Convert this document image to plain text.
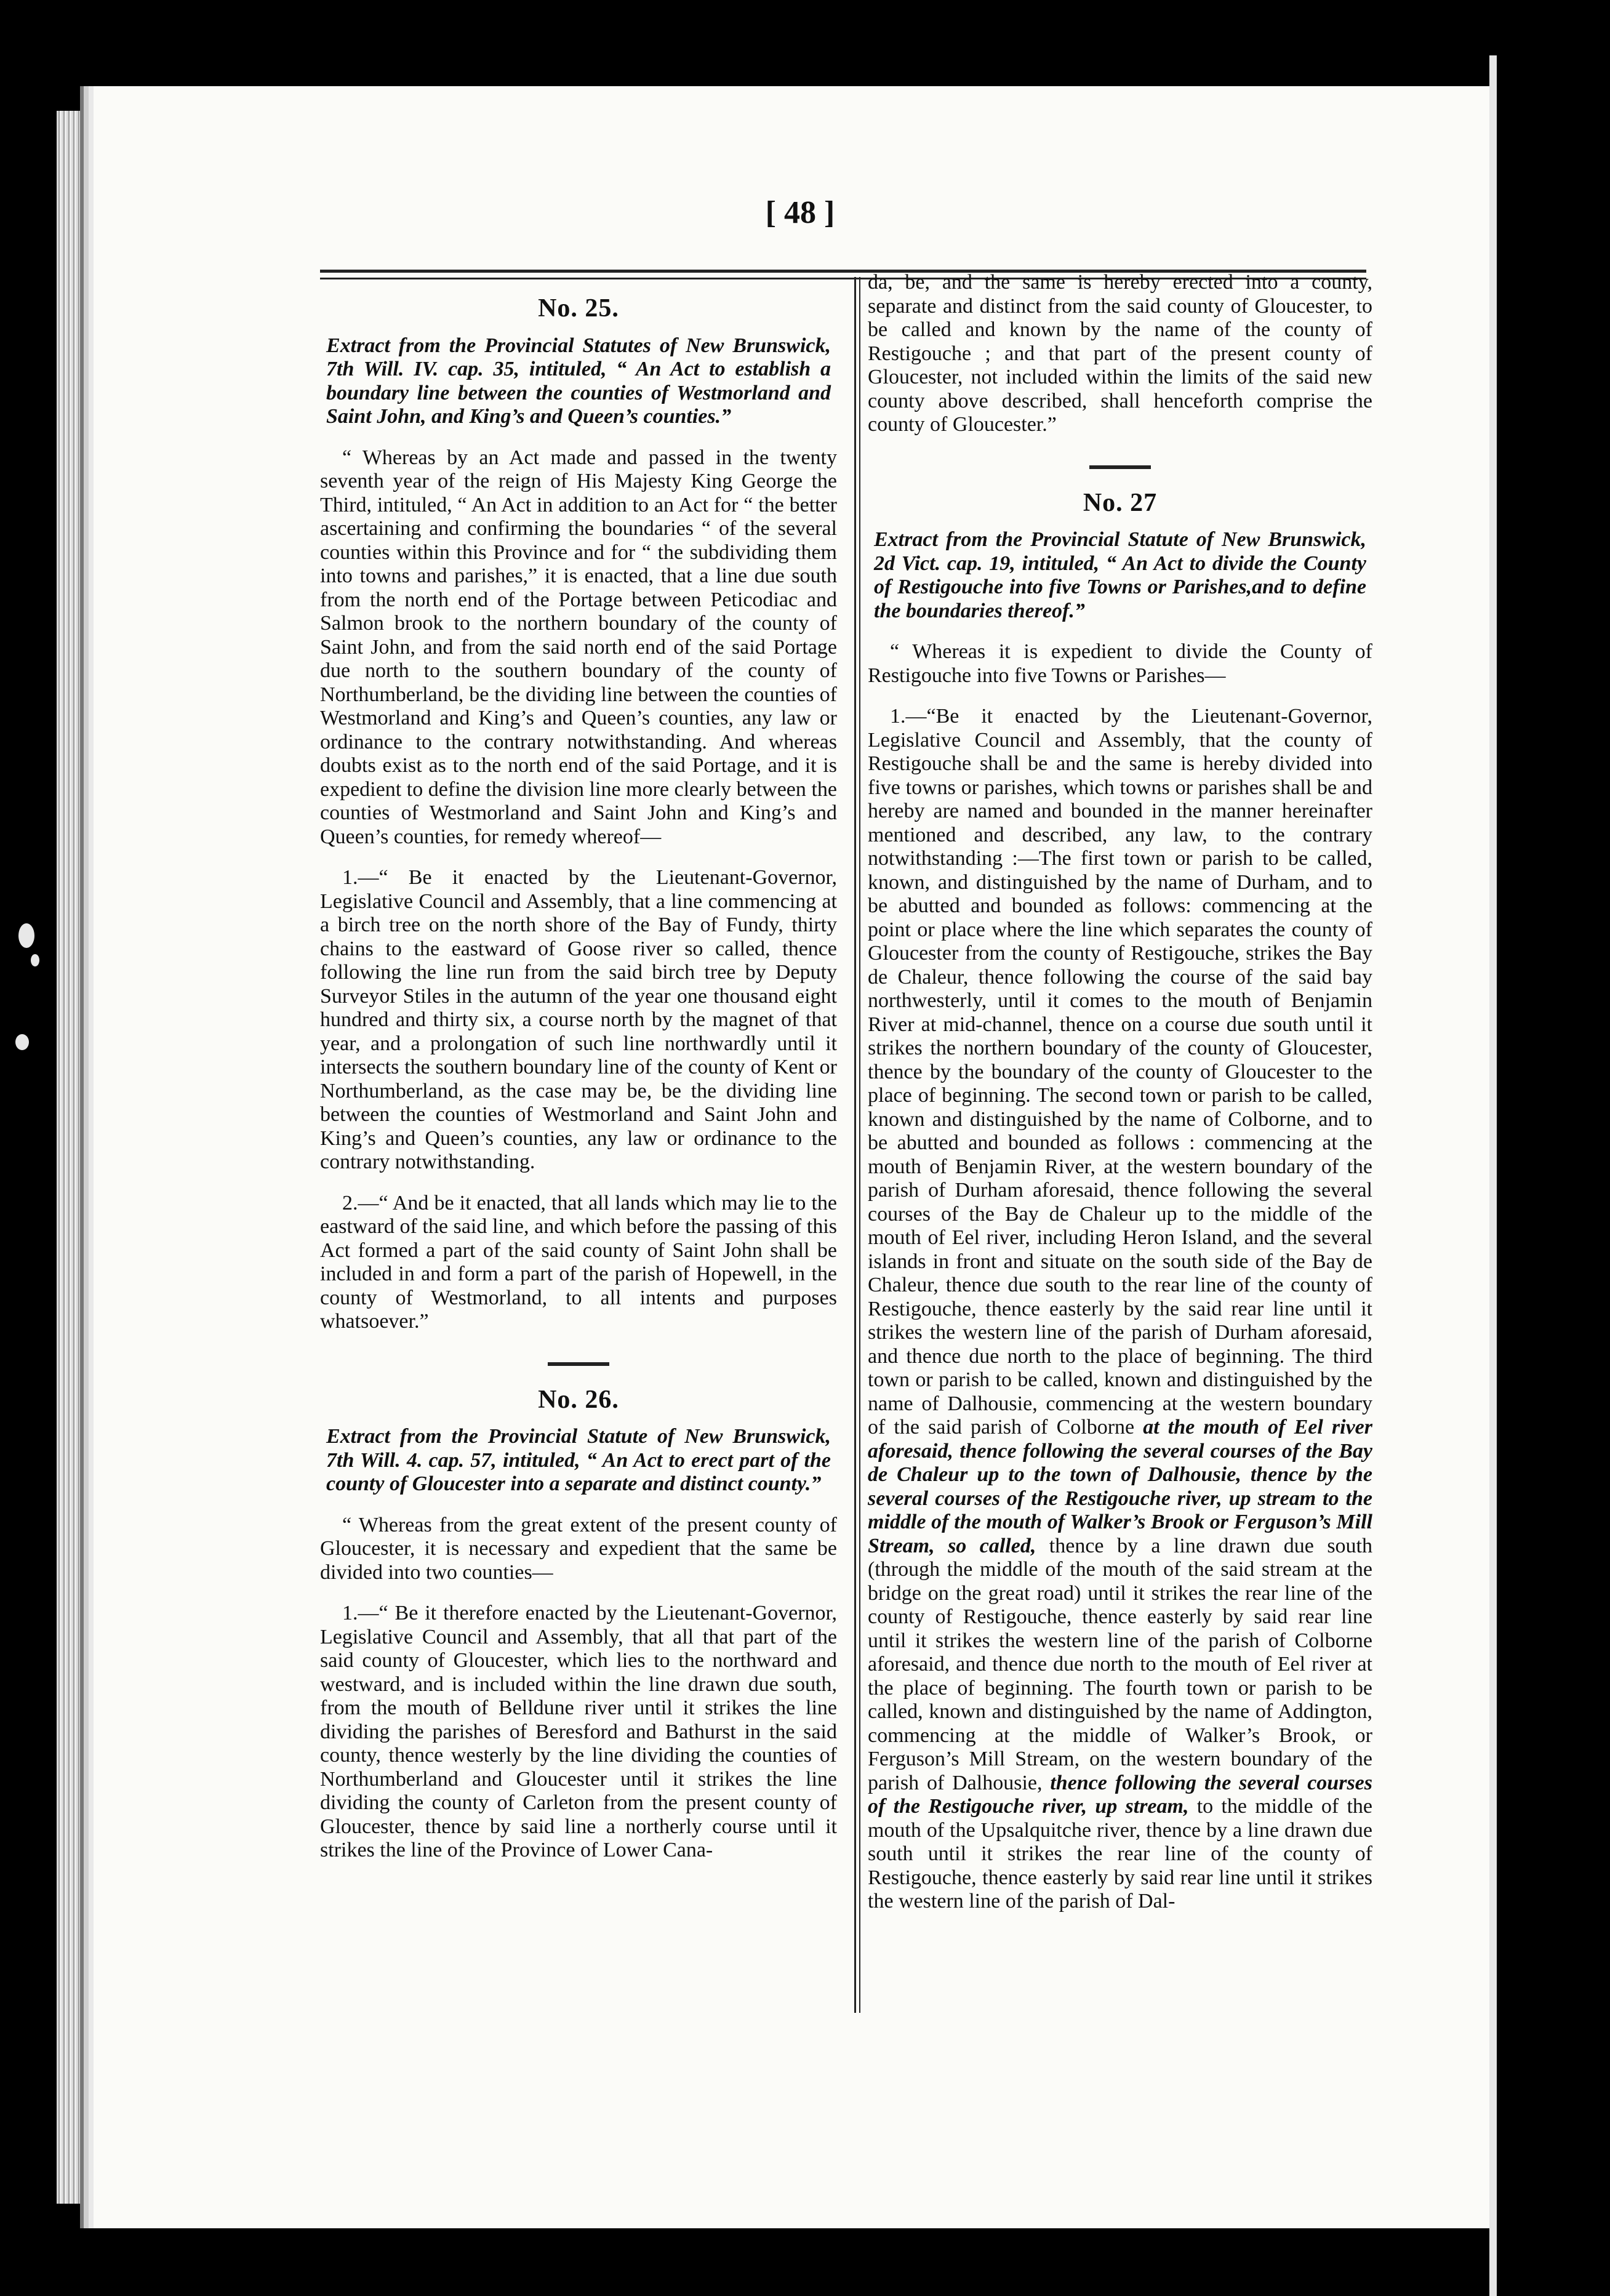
[ 48 ]
No. 25.

Extract from the Provincial Statutes of New Brunswick, 7th Will. IV. cap. 35, intituled, “ An Act to establish a boundary line between the counties of Westmorland and Saint John, and King’s and Queen’s counties.”

“ Whereas by an Act made and passed in the twenty seventh year of the reign of His Majesty King George the Third, intituled, “ An Act in addition to an Act for “ the better ascertaining and confirming the boundaries “ of the several counties within this Province and for “ the subdividing them into towns and parishes,” it is enacted, that a line due south from the north end of the Portage between Peticodiac and Salmon brook to the northern boundary of the county of Saint John, and from the said north end of the said Portage due north to the southern boundary of the county of Northumberland, be the dividing line between the counties of Westmorland and King’s and Queen’s counties, any law or ordinance to the contrary notwithstanding. And whereas doubts exist as to the north end of the said Portage, and it is expedient to define the division line more clearly between the counties of Westmorland and Saint John and King’s and Queen’s counties, for remedy whereof—

1.—“ Be it enacted by the Lieutenant-Governor, Legislative Council and Assembly, that a line commencing at a birch tree on the north shore of the Bay of Fundy, thirty chains to the eastward of Goose river so called, thence following the line run from the said birch tree by Deputy Surveyor Stiles in the autumn of the year one thousand eight hundred and thirty six, a course north by the magnet of that year, and a prolongation of such line northwardly until it intersects the southern boundary line of the county of Kent or Northumberland, as the case may be, be the dividing line between the counties of Westmorland and Saint John and King’s and Queen’s counties, any law or ordinance to the contrary notwithstanding.

2.—“ And be it enacted, that all lands which may lie to the eastward of the said line, and which before the passing of this Act formed a part of the said county of Saint John shall be included in and form a part of the parish of Hopewell, in the county of Westmorland, to all intents and purposes whatsoever.”

No. 26.

Extract from the Provincial Statute of New Brunswick, 7th Will. 4. cap. 57, intituled, “ An Act to erect part of the county of Gloucester into a separate and distinct county.”

“ Whereas from the great extent of the present county of Gloucester, it is necessary and expedient that the same be divided into two counties—

1.—“ Be it therefore enacted by the Lieutenant-Governor, Legislative Council and Assembly, that all that part of the said county of Gloucester, which lies to the northward and westward, and is included within the line drawn due south, from the mouth of Belldune river until it strikes the line dividing the parishes of Beresford and Bathurst in the said county, thence westerly by the line dividing the counties of Northumberland and Gloucester until it strikes the line dividing the county of Carleton from the present county of Gloucester, thence by said line a northerly course until it strikes the line of the Province of Lower Cana-

da, be, and the same is hereby erected into a county, separate and distinct from the said county of Gloucester, to be called and known by the name of the county of Restigouche ; and that part of the present county of Gloucester, not included within the limits of the said new county above described, shall henceforth comprise the county of Gloucester.”

No. 27

Extract from the Provincial Statute of New Brunswick, 2d Vict. cap. 19, intituled, “ An Act to divide the County of Restigouche into five Towns or Parishes,and to define the boundaries thereof.”

“ Whereas it is expedient to divide the County of Restigouche into five Towns or Parishes—

1.—“Be it enacted by the Lieutenant-Governor, Legislative Council and Assembly, that the county of Restigouche shall be and the same is hereby divided into five towns or parishes, which towns or parishes shall be and hereby are named and bounded in the manner hereinafter mentioned and described, any law, to the contrary notwithstanding :—The first town or parish to be called, known, and distinguished by the name of Durham, and to be abutted and bounded as follows: commencing at the point or place where the line which separates the county of Gloucester from the county of Restigouche, strikes the Bay de Chaleur, thence following the course of the said bay northwesterly, until it comes to the mouth of Benjamin River at mid-channel, thence on a course due south until it strikes the northern boundary of the county of Gloucester, thence by the boundary of the county of Gloucester to the place of beginning. The second town or parish to be called, known and distinguished by the name of Colborne, and to be abutted and bounded as follows : commencing at the mouth of Benjamin River, at the western boundary of the parish of Durham aforesaid, thence following the several courses of the Bay de Chaleur up to the middle of the mouth of Eel river, including Heron Island, and the several islands in front and situate on the south side of the Bay de Chaleur, thence due south to the rear line of the county of Restigouche, thence easterly by the said rear line until it strikes the western line of the parish of Durham aforesaid, and thence due north to the place of beginning. The third town or parish to be called, known and distinguished by the name of Dalhousie, commencing at the western boundary of the said parish of Colborne at the mouth of Eel river aforesaid, thence following the several courses of the Bay de Chaleur up to the town of Dalhousie, thence by the several courses of the Restigouche river, up stream to the middle of the mouth of Walker’s Brook or Ferguson’s Mill Stream, so called, thence by a line drawn due south (through the middle of the mouth of the said stream at the bridge on the great road) until it strikes the rear line of the county of Restigouche, thence easterly by said rear line until it strikes the western line of the parish of Colborne aforesaid, and thence due north to the mouth of Eel river at the place of beginning. The fourth town or parish to be called, known and distinguished by the name of Addington, commencing at the middle of Walker’s Brook, or Ferguson’s Mill Stream, on the western boundary of the parish of Dalhousie, thence following the several courses of the Restigouche river, up stream, to the middle of the mouth of the Upsalquitche river, thence by a line drawn due south until it strikes the rear line of the county of Restigouche, thence easterly by said rear line until it strikes the western line of the parish of Dal-
